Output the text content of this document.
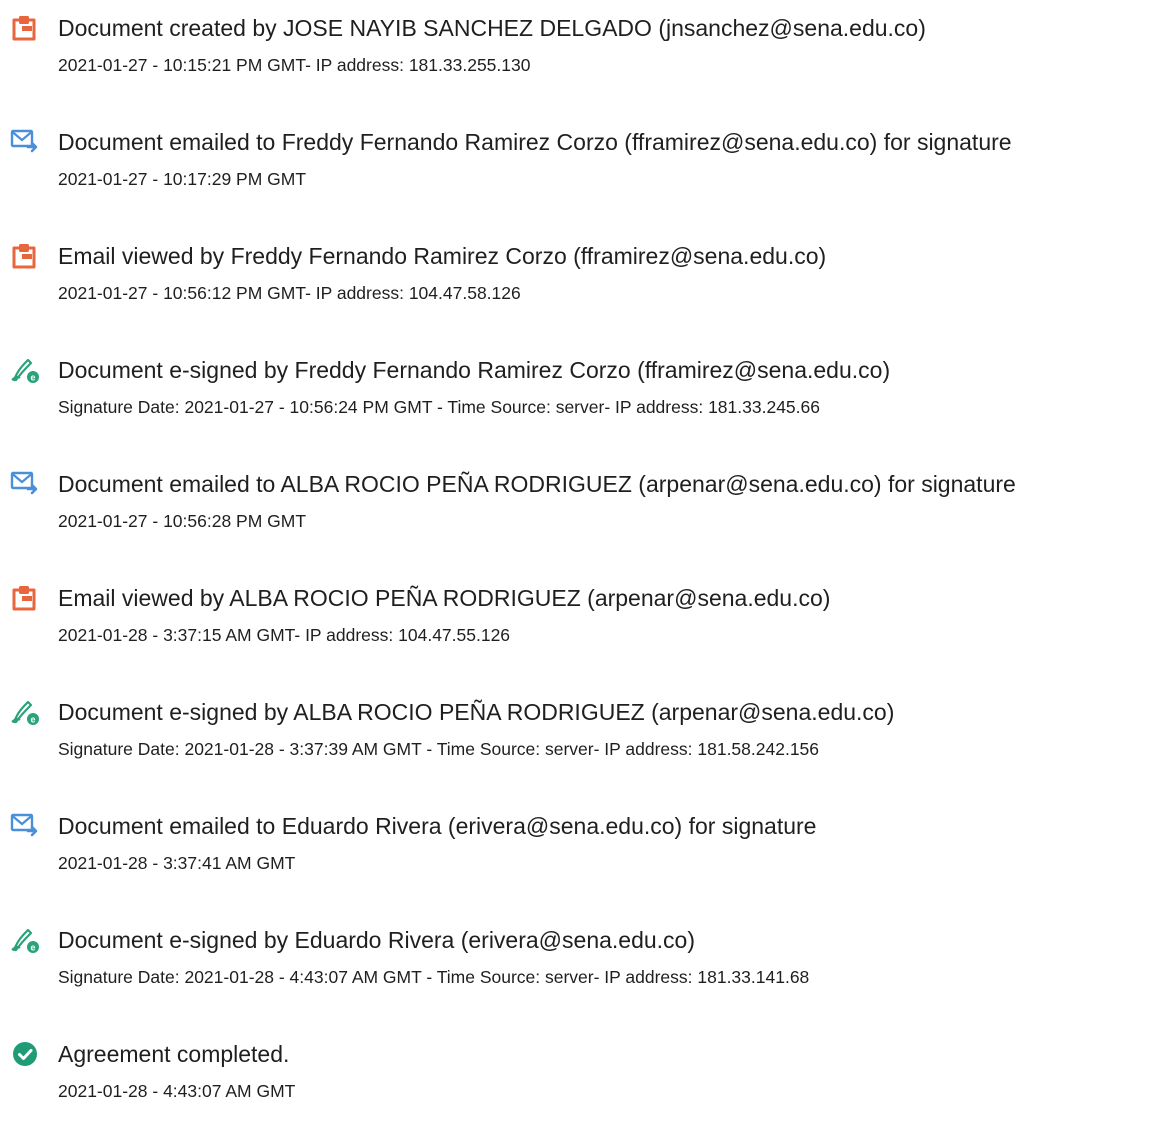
Document created by JOSE NAYIB SANCHEZ DELGADO (jnsanchez@sena.edu.co)
2021-01-27 - 10:15:21 PM GMT- IP address: 181.33.255.130
Document emailed to Freddy Fernando Ramirez Corzo (fframirez@sena.edu.co) for signature
2021-01-27 - 10:17:29 PM GMT
Email viewed by Freddy Fernando Ramirez Corzo (fframirez@sena.edu.co)
2021-01-27 - 10:56:12 PM GMT- IP address: 104.47.58.126
e Document e-signed by Freddy Fernando Ramirez Corzo (fframirez@sena.edu.co)
Signature Date: 2021-01-27 - 10:56:24 PM GMT - Time Source: server- IP address: 181.33.245.66
Document emailed to ALBA ROCIO PEÑA RODRIGUEZ (arpenar@sena.edu.co) for signature
2021-01-27 - 10:56:28 PM GMT
Email viewed by ALBA ROCIO PEÑA RODRIGUEZ (arpenar@sena.edu.co)
2021-01-28 - 3:37:15 AM GMT- IP address: 104.47.55.126
e Document e-signed by ALBA ROCIO PEÑA RODRIGUEZ (arpenar@sena.edu.co)
Signature Date: 2021-01-28 - 3:37:39 AM GMT - Time Source: server- IP address: 181.58.242.156
Document emailed to Eduardo Rivera (erivera@sena.edu.co) for signature
2021-01-28 - 3:37:41 AM GMT
e Document e-signed by Eduardo Rivera (erivera@sena.edu.co)
Signature Date: 2021-01-28 - 4:43:07 AM GMT - Time Source: server- IP address: 181.33.141.68
Agreement completed.
2021-01-28 - 4:43:07 AM GMT
